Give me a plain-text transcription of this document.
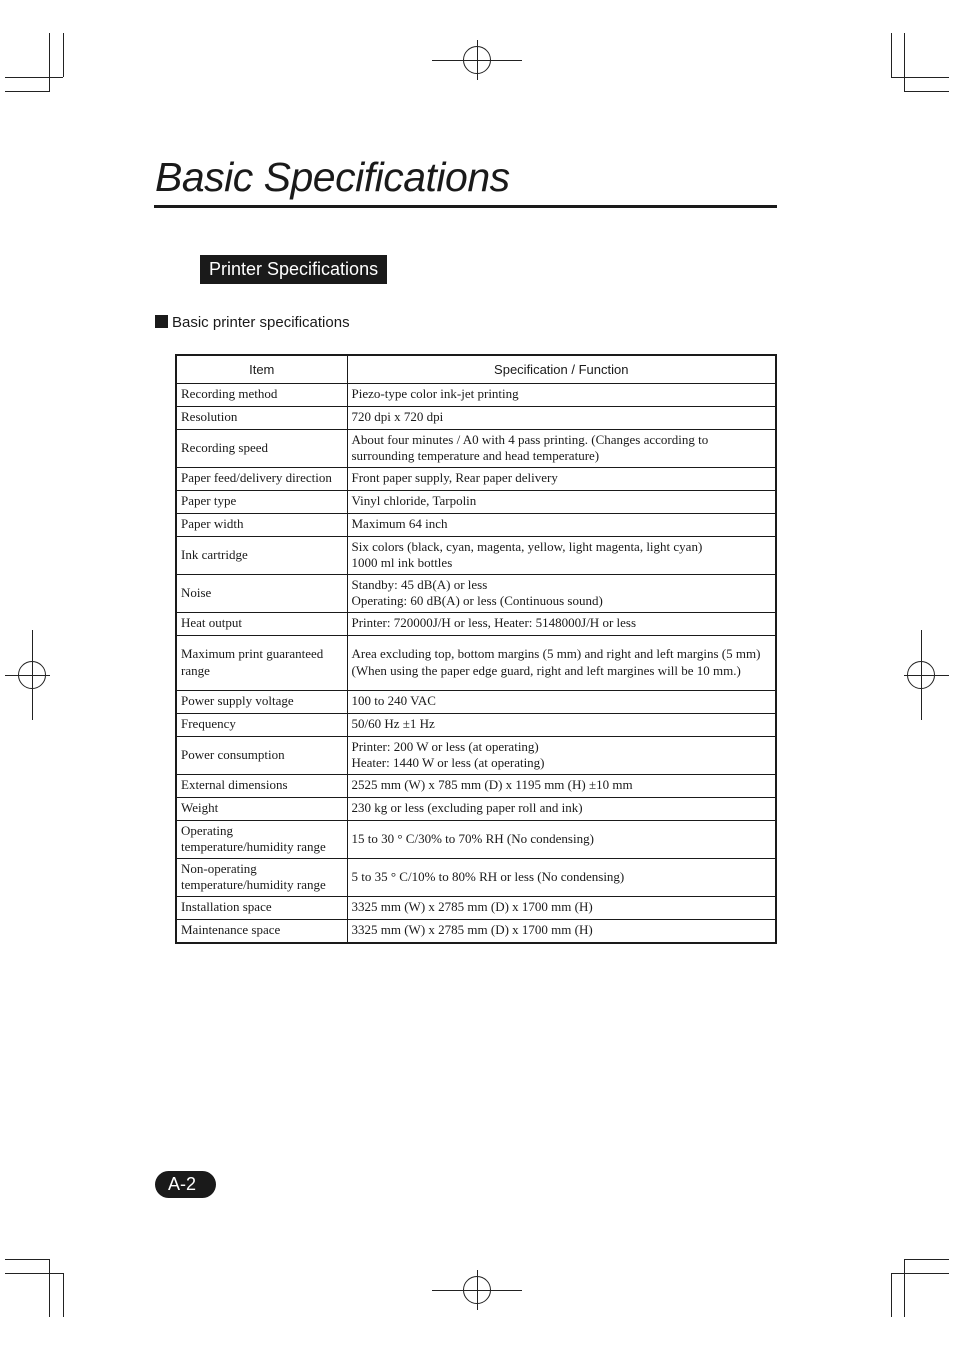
Basic Specifications
Printer Specifications
Basic printer specifications
Item	Specification / Function
Recording method	Piezo-type color ink-jet printing

Resolution	720 dpi x 720 dpi

Recording speed	About four minutes / A0 with 4 pass printing. (Changes according to surrounding temperature and head temperature)

Paper feed/delivery direction	Front paper supply, Rear paper delivery

Paper type	Vinyl chloride, Tarpolin

Paper width	Maximum 64 inch

Ink cartridge	Six colors (black, cyan, magenta, yellow, light magenta, light cyan)
1000 ml ink bottles

Noise	Standby: 45 dB(A) or less
Operating: 60 dB(A) or less (Continuous sound)

Heat output	Printer: 720000J/H or less, Heater: 5148000J/H or less

Maximum print guaranteed range	Area excluding top, bottom margins (5 mm) and right and left margins (5 mm) (When using the paper edge guard, right and left margines will be 10 mm.)

Power supply voltage	100 to 240 VAC

Frequency	50/60 Hz ±1 Hz

Power consumption	Printer: 200 W or less (at operating)
Heater: 1440 W or less (at operating)

External dimensions	2525 mm (W) x 785 mm (D) x 1195 mm (H) ±10 mm

Weight	230 kg or less (excluding paper roll and ink)

Operating temperature/humidity range	15 to 30 ° C/30% to 70% RH (No condensing)

Non-operating temperature/humidity range	5 to 35 ° C/10% to 80% RH or less (No condensing)

Installation space	3325 mm (W) x 2785 mm (D) x 1700 mm (H)

Maintenance space	3325 mm (W) x 2785 mm (D) x 1700 mm (H)
A-2
